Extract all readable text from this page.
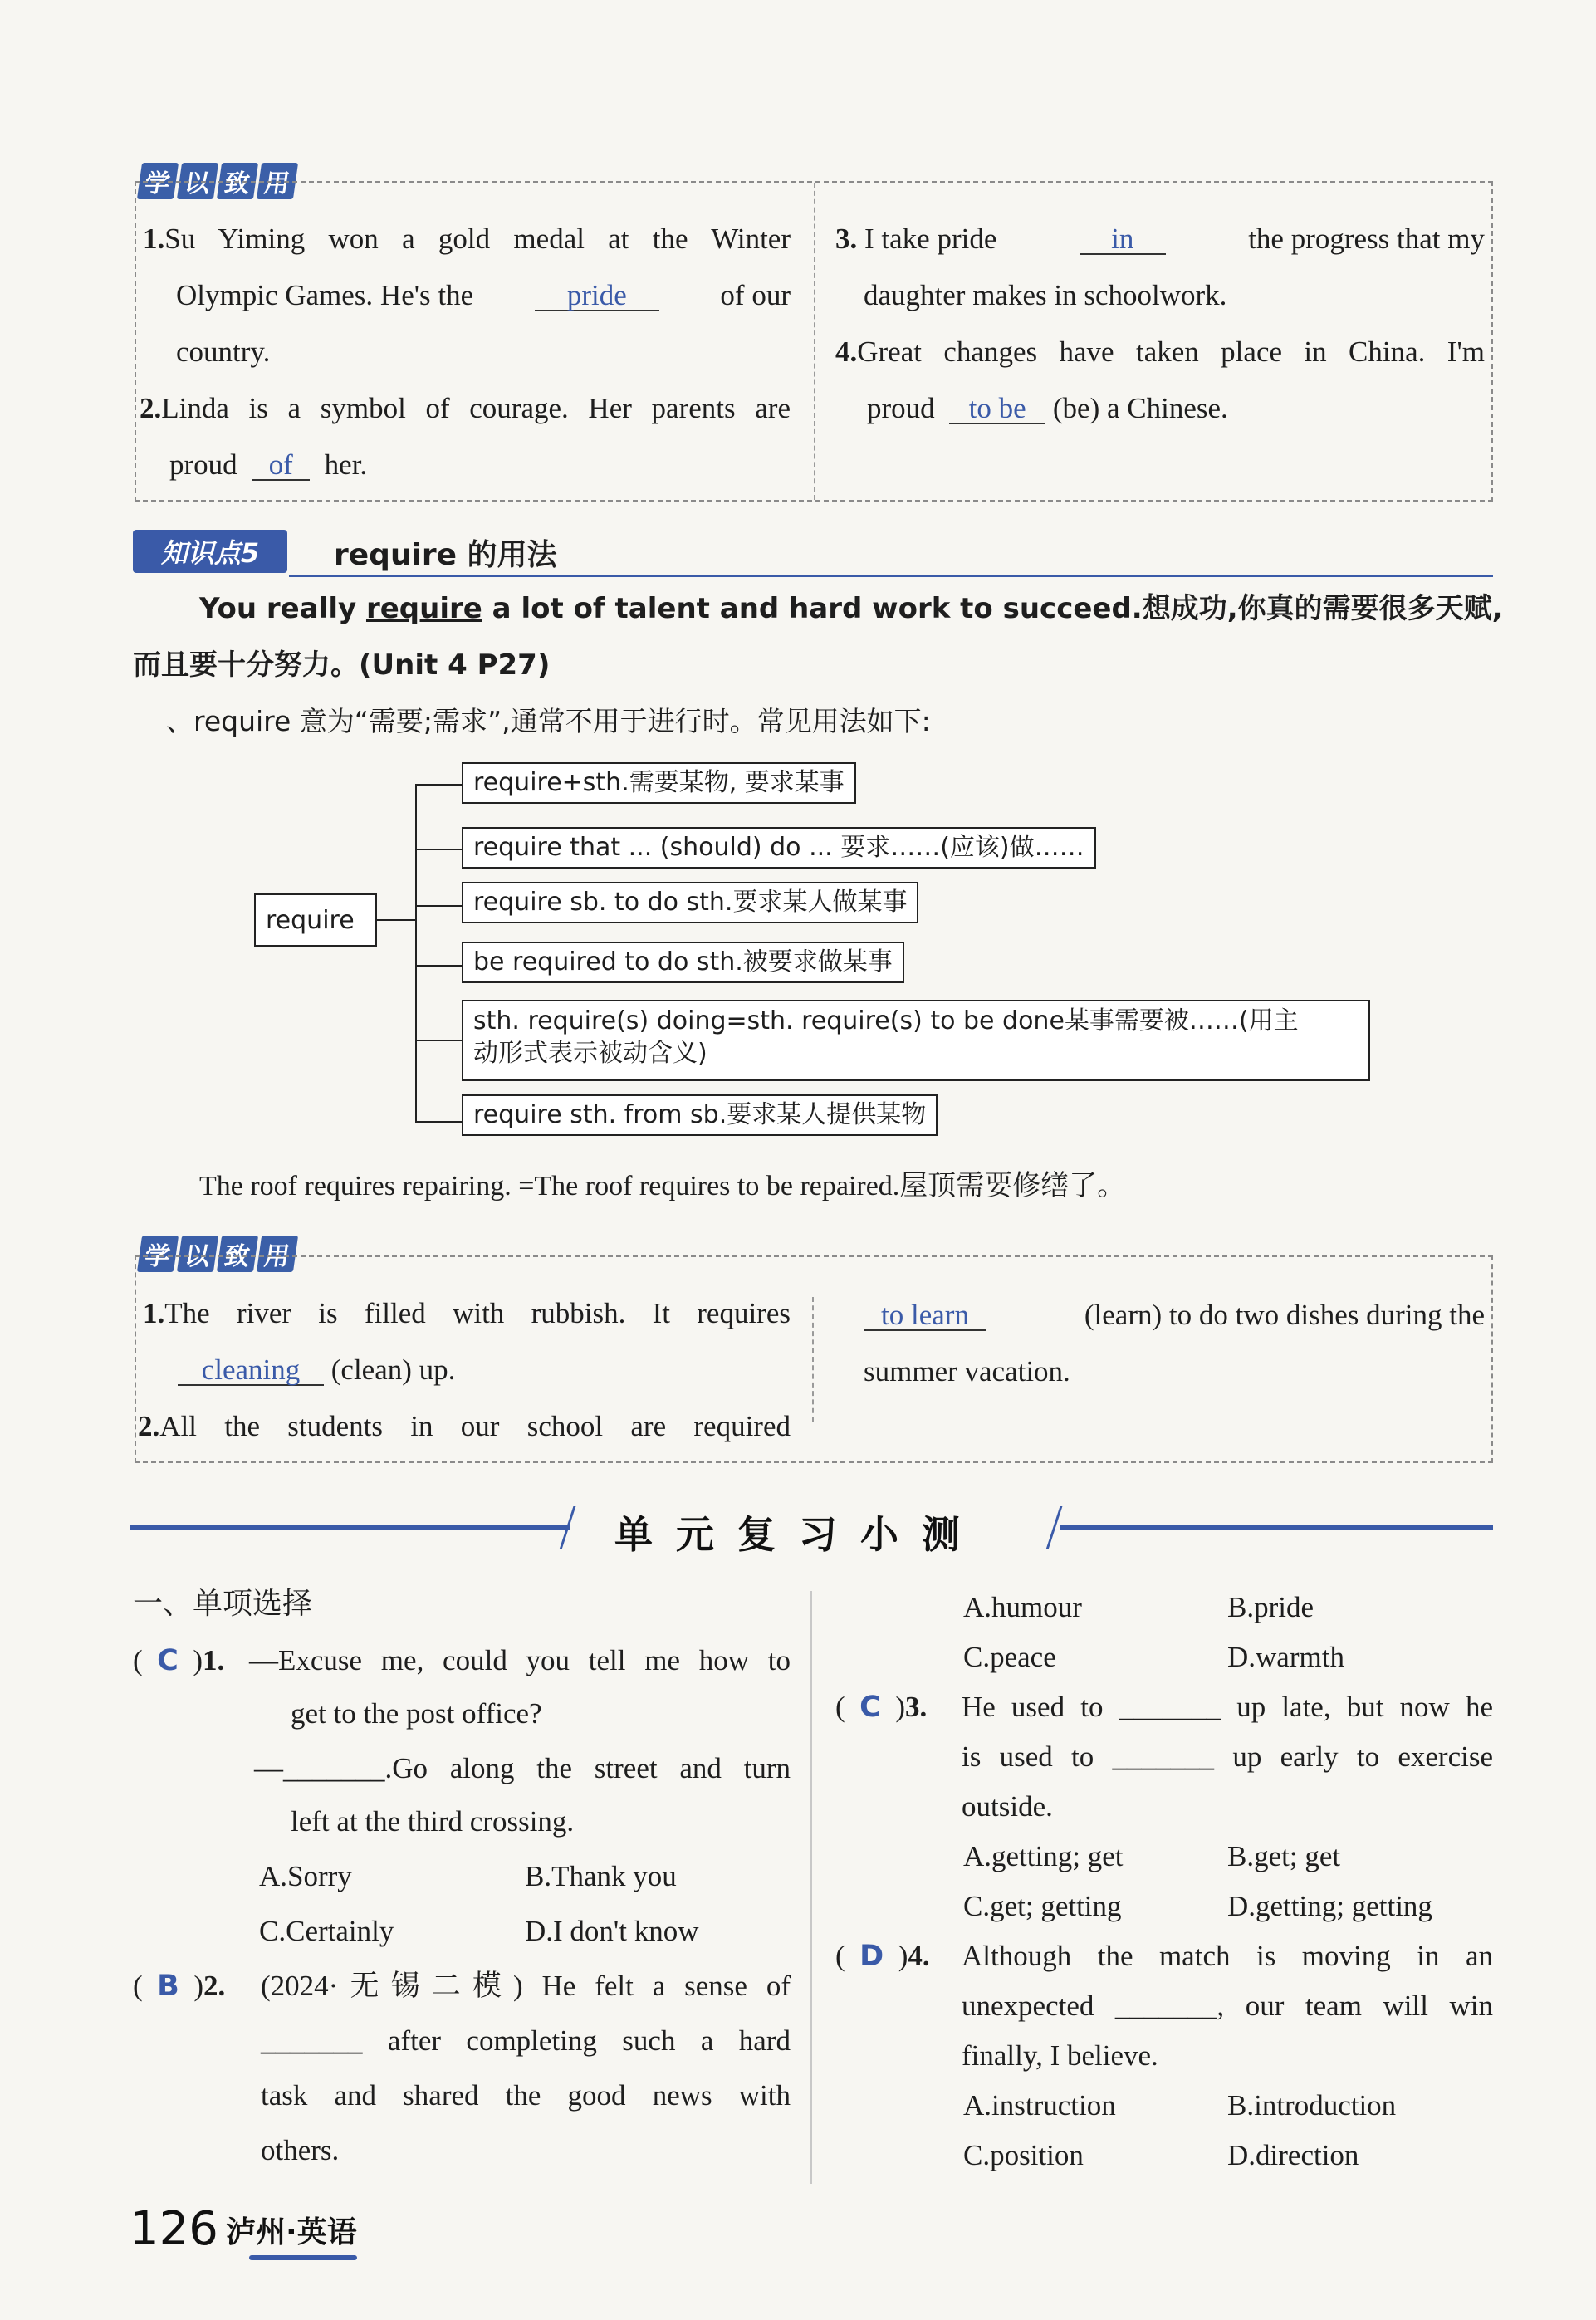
学 以 致 用
1.Su Yiming won a gold medal at the Winter
Olympic Games. He's the	pride	of our
country.
2.Linda is a symbol of courage. Her parents are
proud of her.
3. I take pride	in	the progress that my
daughter makes in schoolwork.
4.Great changes have taken place in China. I'm
proud to be (be) a Chinese.
知识点5	require 的用法
You really require a lot of talent and hard work to succeed.想成功,你真的需要很多天赋,
而且要十分努力。(Unit 4 P27)
、require 意为“需要;需求”,通常不用于进行时。常见用法如下:
require
require+sth.需要某物, 要求某事
require that ... (should) do ... 要求……(应该)做……
require sb. to do sth.要求某人做某事
be required to do sth.被要求做某事
sth. require(s) doing=sth. require(s) to be done某事需要被……(用主
动形式表示被动含义)
require sth. from sb.要求某人提供某物
The roof requires repairing. =The roof requires to be repaired.屋顶需要修缮了。
学 以 致 用
1.The river is filled with rubbish. It requires
cleaning (clean) up.
2.All the students in our school are required
to learn	(learn) to do two dishes during the
summer vacation.
单元复习小测
一、单项选择
(  C  )1. —Excuse me, could you tell me how to
get to the post office?
—_______.Go along the street and turn
left at the third crossing.
A.Sorry	B.Thank you
C.Certainly	D.I don't know
(  B  )2. (2024·无锡二模) He felt a sense of
_______ after completing such a hard
task and shared the good news with
others.
A.humour	B.pride
C.peace	D.warmth
(  C  )3. He used to _______ up late, but now he
is used to _______ up early to exercise
outside.
A.getting; get	B.get; get
C.get; getting	D.getting; getting
(  D  )4. Although the match is moving in an
unexpected _______, our team will win
finally, I believe.
A.instruction	B.introduction
C.position	D.direction
126 泸州·英语
